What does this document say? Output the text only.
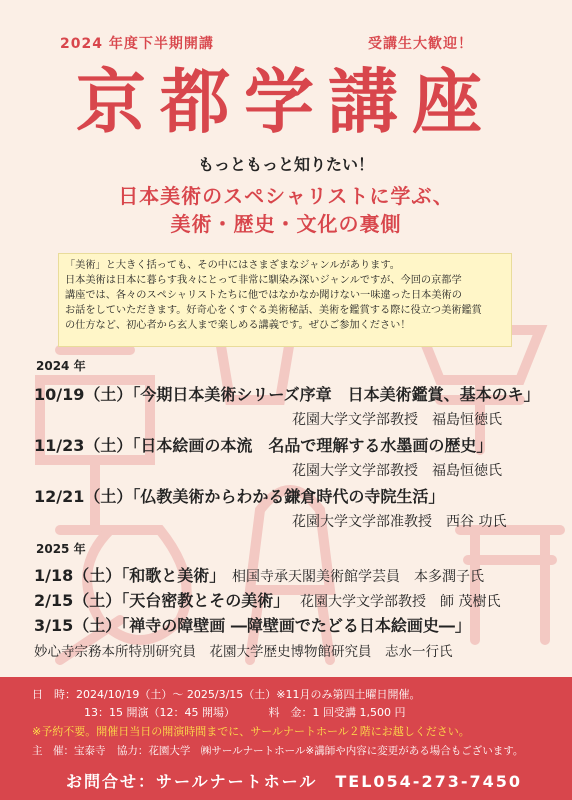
2024 年度下半期開講	受講生大歓迎！
京都学講座
もっともっと知りたい！
日本美術のスペシャリストに学ぶ、
美術・歴史・文化の裏側
「美術」と大きく括っても、その中にはさまざまなジャンルがあります。
日本美術は日本に暮らす我々にとって非常に馴染み深いジャンルですが、今回の京都学
講座では、各々のスペシャリストたちに他ではなかなか聞けない一味違った日本美術の
お話をしていただきます。好奇心をくすぐる美術秘話、美術を鑑賞する際に役立つ美術鑑賞
の仕方など、初心者から玄人まで楽しめる講義です。ぜひご参加ください！
2024 年
10/19（土）「今期日本美術シリーズ序章　日本美術鑑賞、基本のキ」
花園大学文学部教授　福島恒徳氏
11/23（土）「日本絵画の本流　名品で理解する水墨画の歴史」
花園大学文学部教授　福島恒徳氏
12/21（土）「仏教美術からわかる鎌倉時代の寺院生活」
花園大学文学部准教授　西谷 功氏
2025 年
1/18（土）「和歌と美術」 相国寺承天閣美術館学芸員　本多潤子氏
2/15（土）「天台密教とその美術」 花園大学文学部教授　師 茂樹氏
3/15（土）「禅寺の障壁画 ―障壁画でたどる日本絵画史―」
妙心寺宗務本所特別研究員　花園大学歴史博物館研究員　志水一行氏
日　時：2024/10/19（土）～ 2025/3/15（土）※11月のみ第四土曜日開催。
13：15 開演（12：45 開場）	料　金：1 回受講 1,500 円
※予約不要。開催日当日の開演時間までに、サールナートホール２階にお越しください。
主　催：宝泰寺 協力：花園大学　㈱サールナートホール※講師や内容に変更がある場合もございます。
お問合せ：サールナートホール　TEL054-273-7450
